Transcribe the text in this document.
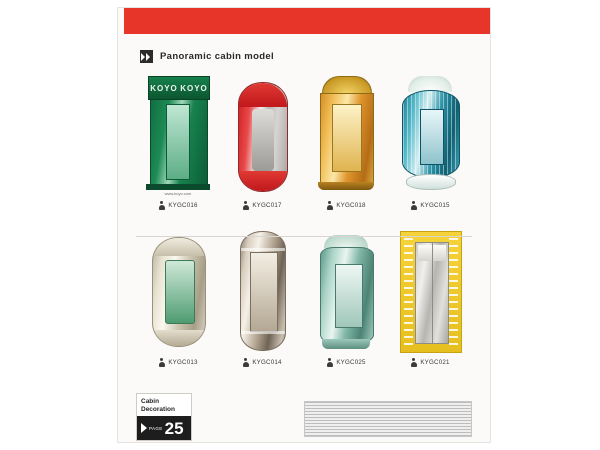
Panoramic cabin model
KOYO KOYO
www.koyo.com
KYGC016	KYGC017	KYGC018	KYGC015
KYGC013	KYGC014	KYGC025	KYGC021
Cabin
Decoration
PAGE 25
